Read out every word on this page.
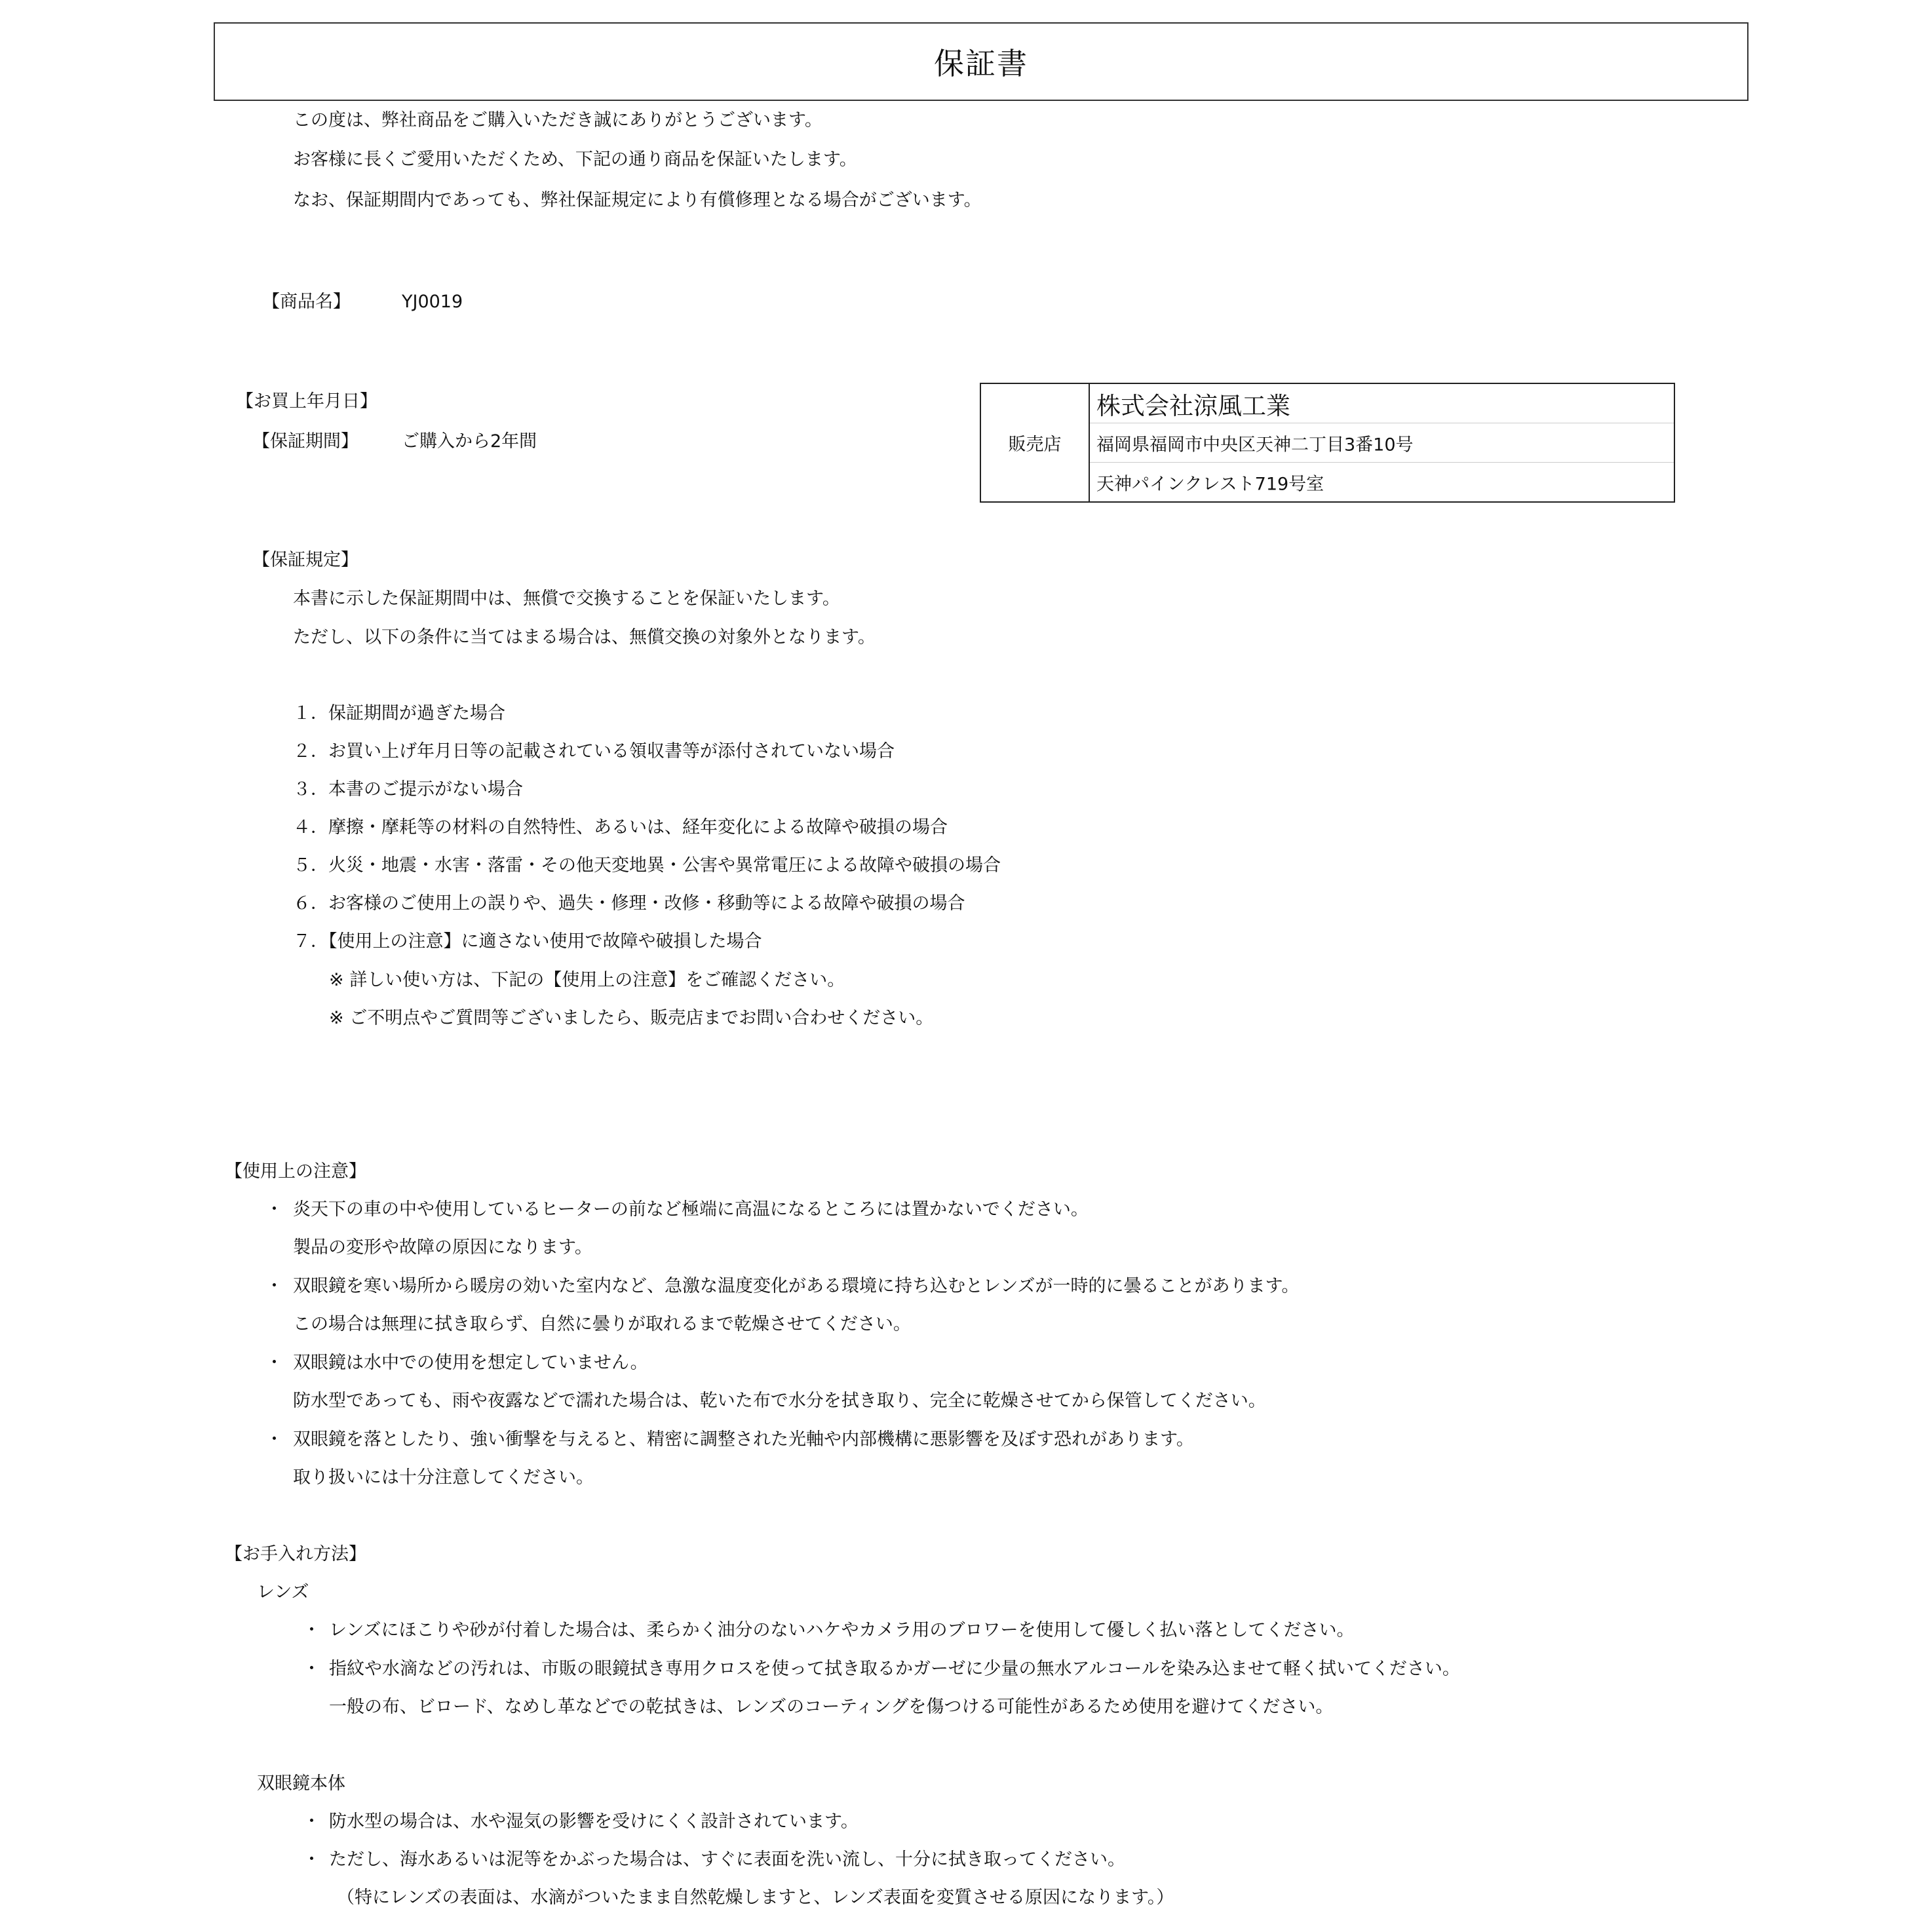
保証書
この度は、弊社商品をご購入いただき誠にありがとうございます。
お客様に長くご愛用いただくため、下記の通り商品を保証いたします。
なお、保証期間内であっても、弊社保証規定により有償修理となる場合がございます。
【商品名】	YJ0019
【お買上年月日】
【保証期間】 ご購入から2年間	販売店
株式会社涼風工業
福岡県福岡市中央区天神二丁目3番10号
天神パインクレスト719号室
【保証規定】
本書に示した保証期間中は、無償で交換することを保証いたします。
ただし、以下の条件に当てはまる場合は、無償交換の対象外となります。
１．保証期間が過ぎた場合
２．お買い上げ年月日等の記載されている領収書等が添付されていない場合
３．本書のご提示がない場合
４．摩擦・摩耗等の材料の自然特性、あるいは、経年変化による故障や破損の場合
５．火災・地震・水害・落雷・その他天変地異・公害や異常電圧による故障や破損の場合
６．お客様のご使用上の誤りや、過失・修理・改修・移動等による故障や破損の場合
７．【使用上の注意】に適さない使用で故障や破損した場合
※ 詳しい使い方は、下記の【使用上の注意】をご確認ください。
※ ご不明点やご質問等ございましたら、販売店までお問い合わせください。
【使用上の注意】
・ 炎天下の車の中や使用しているヒーターの前など極端に高温になるところには置かないでください。
製品の変形や故障の原因になります。
・ 双眼鏡を寒い場所から暖房の効いた室内など、急激な温度変化がある環境に持ち込むとレンズが一時的に曇ることがあります。
この場合は無理に拭き取らず、自然に曇りが取れるまで乾燥させてください。
・ 双眼鏡は水中での使用を想定していません。
防水型であっても、雨や夜露などで濡れた場合は、乾いた布で水分を拭き取り、完全に乾燥させてから保管してください。
・ 双眼鏡を落としたり、強い衝撃を与えると、精密に調整された光軸や内部機構に悪影響を及ぼす恐れがあります。
取り扱いには十分注意してください。
【お手入れ方法】
レンズ
・ レンズにほこりや砂が付着した場合は、柔らかく油分のないハケやカメラ用のブロワーを使用して優しく払い落としてください。
・ 指紋や水滴などの汚れは、市販の眼鏡拭き専用クロスを使って拭き取るかガーゼに少量の無水アルコールを染み込ませて軽く拭いてください。
一般の布、ビロード、なめし革などでの乾拭きは、レンズのコーティングを傷つける可能性があるため使用を避けてください。
双眼鏡本体
・ 防水型の場合は、水や湿気の影響を受けにくく設計されています。
・ ただし、海水あるいは泥等をかぶった場合は、すぐに表面を洗い流し、十分に拭き取ってください。
（特にレンズの表面は、水滴がついたまま自然乾燥しますと、レンズ表面を変質させる原因になります。）
